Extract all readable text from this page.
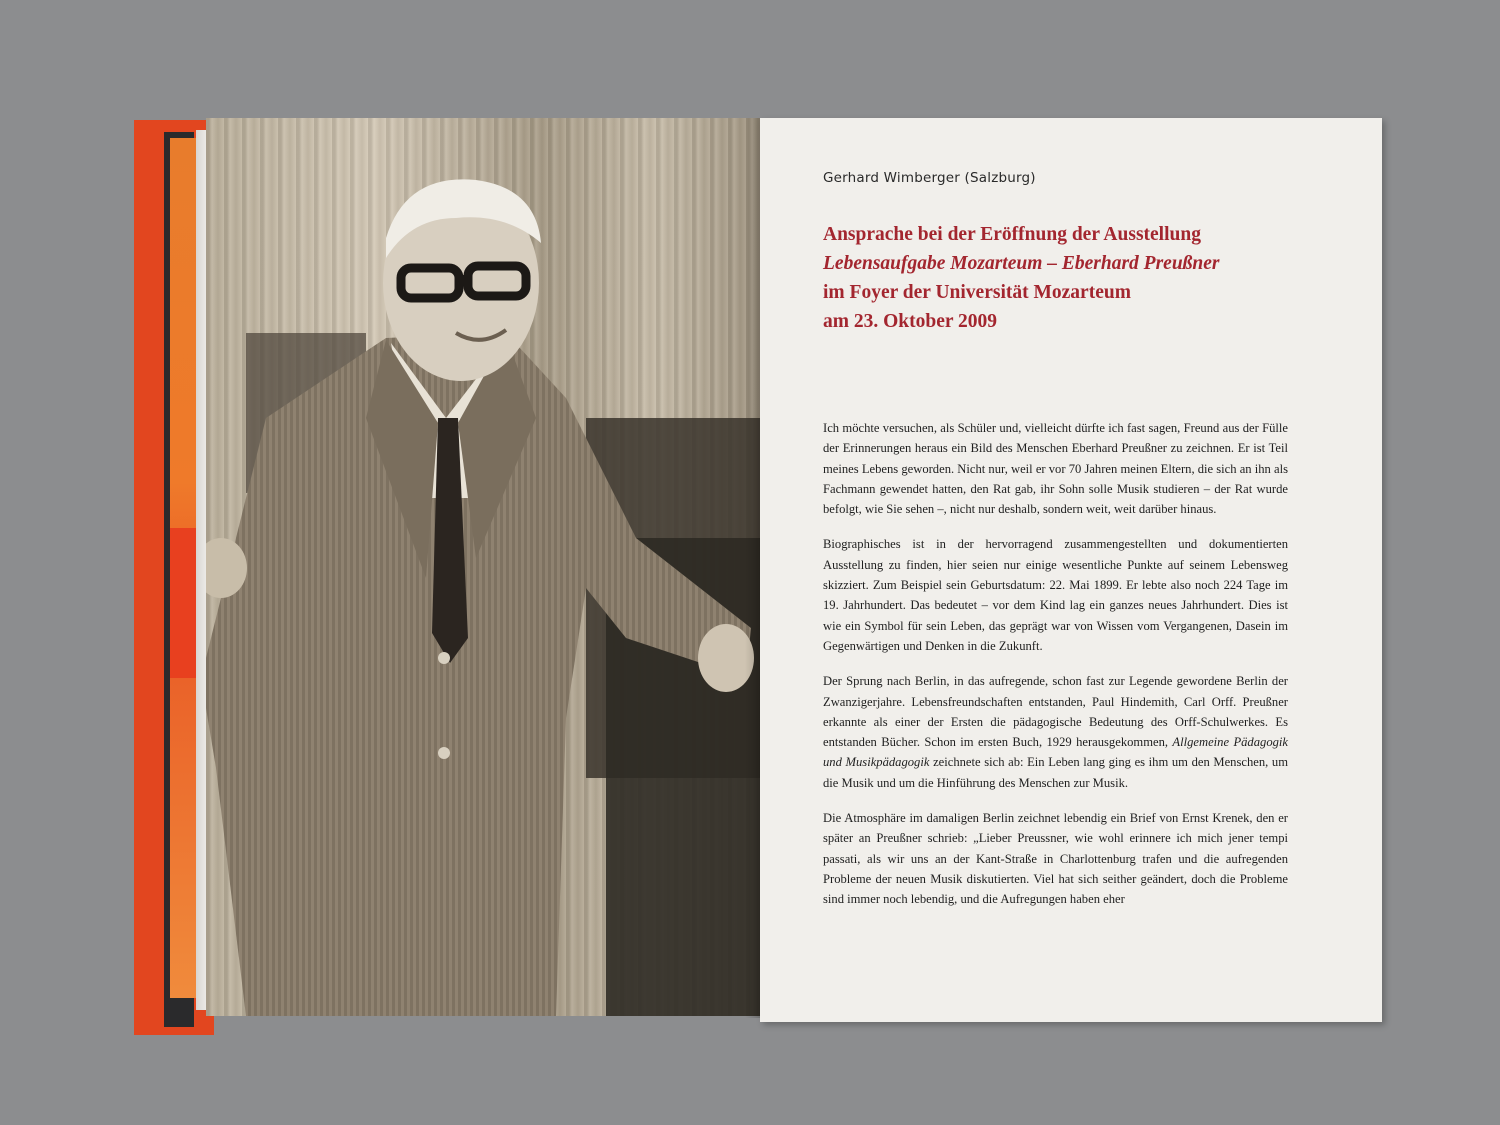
Gerhard Wimberger (Salzburg)
Ansprache bei der Eröffnung der Ausstellung
Lebensaufgabe Mozarteum – Eberhard Preußner
im Foyer der Universität Mozarteum
am 23. Oktober 2009

Ich möchte versuchen, als Schüler und, vielleicht dürfte ich fast sagen, Freund aus der Fülle der Erinnerungen heraus ein Bild des Menschen Eberhard Preußner zu zeichnen. Er ist Teil meines Lebens geworden. Nicht nur, weil er vor 70 Jahren meinen Eltern, die sich an ihn als Fachmann gewendet hatten, den Rat gab, ihr Sohn solle Musik studieren – der Rat wurde befolgt, wie Sie sehen –, nicht nur deshalb, sondern weit, weit darüber hinaus.

Biographisches ist in der hervorragend zusammengestellten und dokumentierten Ausstellung zu finden, hier seien nur einige wesentliche Punkte auf seinem Lebensweg skizziert. Zum Beispiel sein Geburtsdatum: 22. Mai 1899. Er lebte also noch 224 Tage im 19. Jahrhundert. Das bedeutet – vor dem Kind lag ein ganzes neues Jahrhundert. Dies ist wie ein Symbol für sein Leben, das geprägt war von Wissen vom Vergangenen, Dasein im Gegenwärtigen und Denken in die Zukunft.

Der Sprung nach Berlin, in das aufregende, schon fast zur Legende gewordene Berlin der Zwanzigerjahre. Lebensfreundschaften entstanden, Paul Hindemith, Carl Orff. Preußner erkannte als einer der Ersten die pädagogische Bedeutung des Orff-Schulwerkes. Es entstanden Bücher. Schon im ersten Buch, 1929 herausgekommen, Allgemeine Pädagogik und Musikpädagogik zeichnete sich ab: Ein Leben lang ging es ihm um den Menschen, um die Musik und um die Hinführung des Menschen zur Musik.

Die Atmosphäre im damaligen Berlin zeichnet lebendig ein Brief von Ernst Krenek, den er später an Preußner schrieb: „Lieber Preussner, wie wohl erinnere ich mich jener tempi passati, als wir uns an der Kant-Straße in Charlottenburg trafen und die aufregenden Probleme der neuen Musik diskutierten. Viel hat sich seither geändert, doch die Probleme sind immer noch lebendig, und die Aufregungen haben eher
